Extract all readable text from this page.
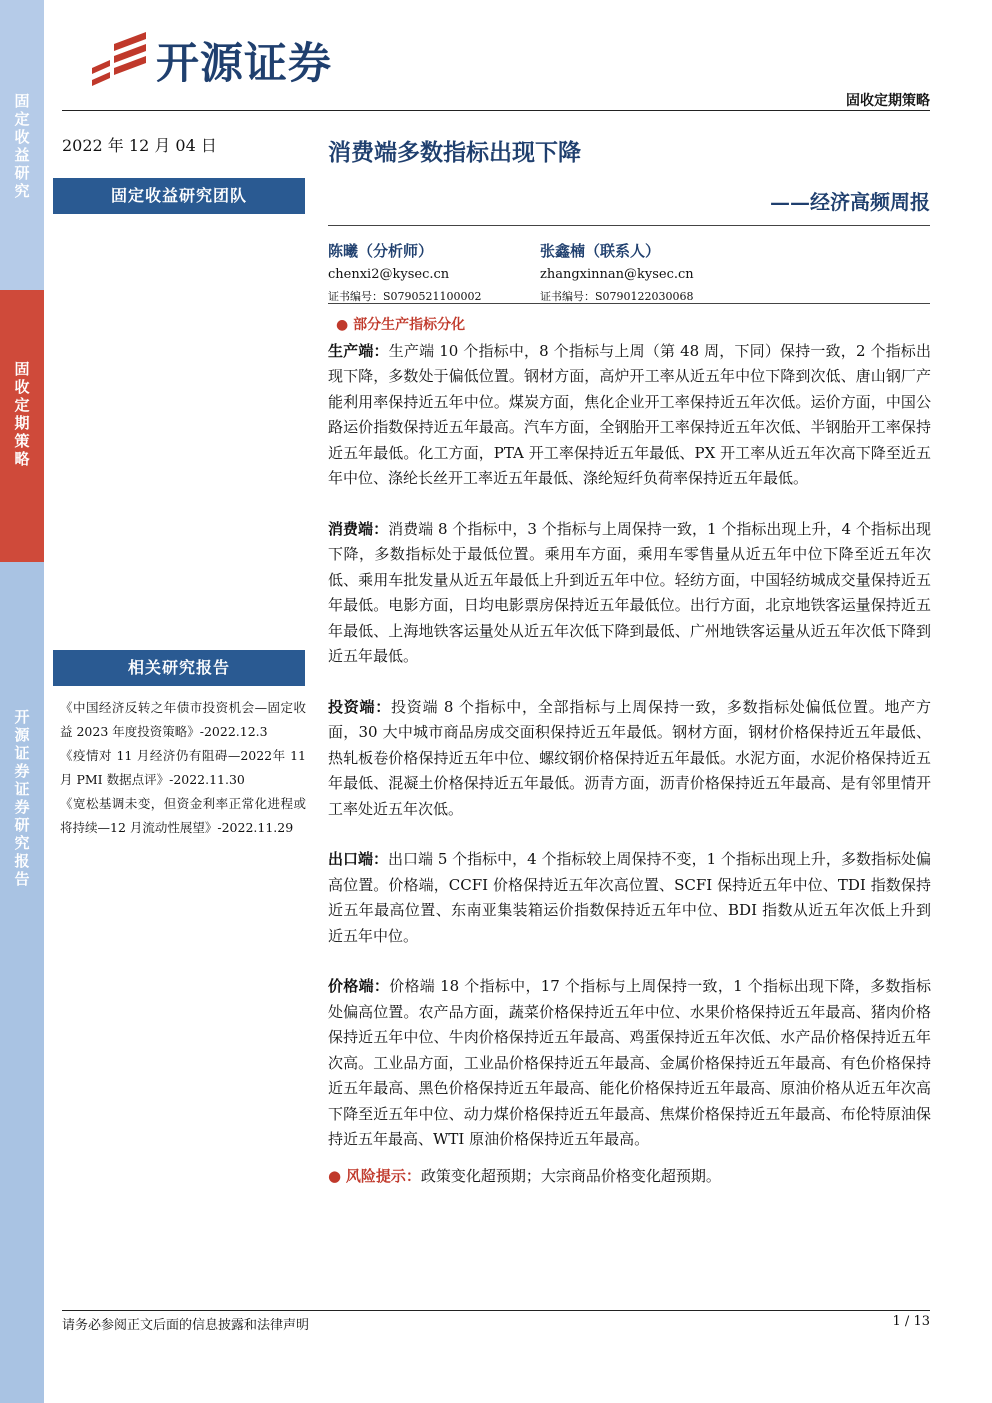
固定收益研究
固收定期策略
开源证券 证券研究报告
开源证券
固收定期策略
2022 年 12 月 04 日	消费端多数指标出现下降
固定收益研究团队	——经济高频周报
陈曦（分析师）
chenxi2@kysec.cn
证书编号：S0790521100002
张鑫楠（联系人）
zhangxinnan@kysec.cn
证书编号：S0790122030068
相关研究报告
《中国经济反转之年债市投资机会—固定收益 2023 年度投资策略》-2022.12.3
《疫情对 11 月经济仍有阻碍—2022年 11 月 PMI 数据点评》-2022.11.30
《宽松基调未变，但资金利率正常化进程或将持续—12 月流动性展望》-2022.11.29
● 部分生产指标分化

生产端：生产端 10 个指标中，8 个指标与上周（第 48 周，下同）保持一致，2 个指标出现下降，多数处于偏低位置。钢材方面，高炉开工率从近五年中位下降到次低、唐山钢厂产能利用率保持近五年中位。煤炭方面，焦化企业开工率保持近五年次低。运价方面，中国公路运价指数保持近五年最高。汽车方面，全钢胎开工率保持近五年次低、半钢胎开工率保持近五年最低。化工方面，PTA 开工率保持近五年最低、PX 开工率从近五年次高下降至近五年中位、涤纶长丝开工率近五年最低、涤纶短纤负荷率保持近五年最低。

消费端：消费端 8 个指标中，3 个指标与上周保持一致，1 个指标出现上升，4 个指标出现下降，多数指标处于最低位置。乘用车方面，乘用车零售量从近五年中位下降至近五年次低、乘用车批发量从近五年最低上升到近五年中位。轻纺方面，中国轻纺城成交量保持近五年最低。电影方面，日均电影票房保持近五年最低位。出行方面，北京地铁客运量保持近五年最低、上海地铁客运量处从近五年次低下降到最低、广州地铁客运量从近五年次低下降到近五年最低。

投资端：投资端 8 个指标中，全部指标与上周保持一致，多数指标处偏低位置。地产方面，30 大中城市商品房成交面积保持近五年最低。钢材方面，钢材价格保持近五年最低、热轧板卷价格保持近五年中位、螺纹钢价格保持近五年最低。水泥方面，水泥价格保持近五年最低、混凝土价格保持近五年最低。沥青方面，沥青价格保持近五年最高、是有邻里情开工率处近五年次低。

出口端：出口端 5 个指标中，4 个指标较上周保持不变，1 个指标出现上升，多数指标处偏高位置。价格端，CCFI 价格保持近五年次高位置、SCFI 保持近五年中位、TDI 指数保持近五年最高位置、东南亚集装箱运价指数保持近五年中位、BDI 指数从近五年次低上升到近五年中位。

价格端：价格端 18 个指标中，17 个指标与上周保持一致，1 个指标出现下降，多数指标处偏高位置。农产品方面，蔬菜价格保持近五年中位、水果价格保持近五年最高、猪肉价格保持近五年中位、牛肉价格保持近五年最高、鸡蛋保持近五年次低、水产品价格保持近五年次高。工业品方面，工业品价格保持近五年最高、金属价格保持近五年最高、有色价格保持近五年最高、黑色价格保持近五年最高、能化价格保持近五年最高、原油价格从近五年次高下降至近五年中位、动力煤价格保持近五年最高、焦煤价格保持近五年最高、布伦特原油保持近五年最高、WTI 原油价格保持近五年最高。

● 风险提示：政策变化超预期；大宗商品价格变化超预期。
请务必参阅正文后面的信息披露和法律声明	1 / 13
